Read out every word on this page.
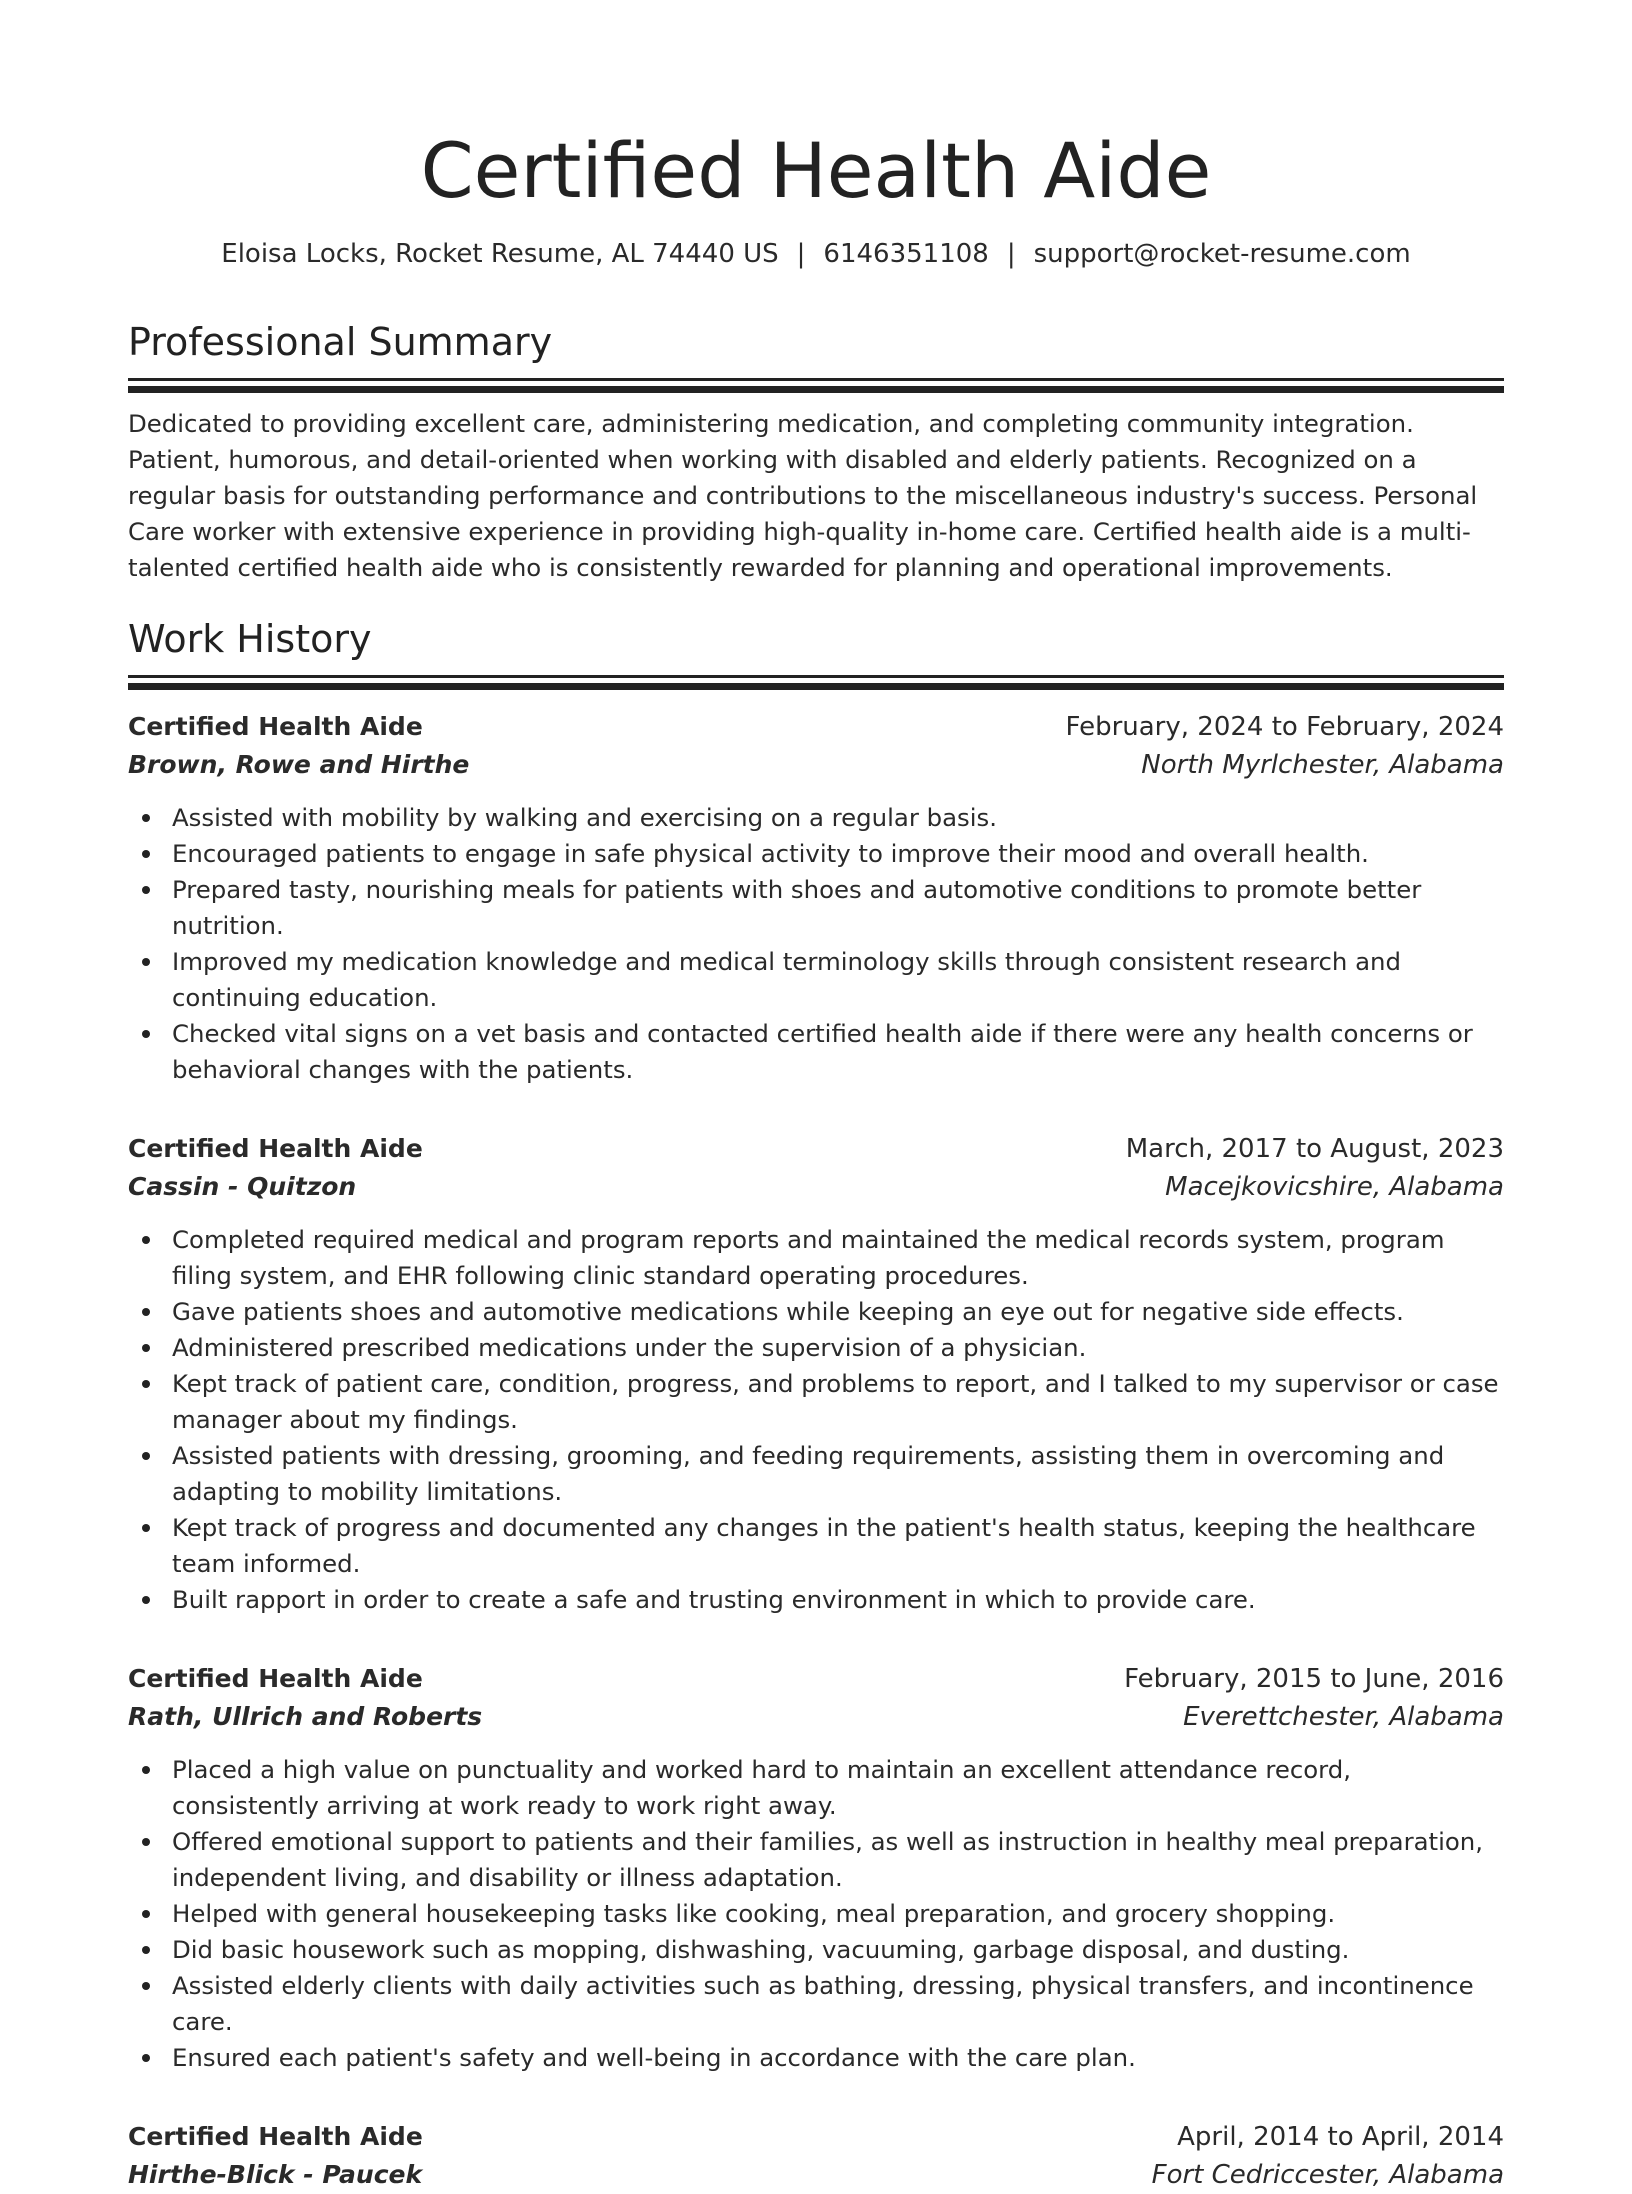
Certified Health Aide
Eloisa Locks, Rocket Resume, AL 74440 US | 6146351108 | support@rocket-resume.com
Professional Summary

Dedicated to providing excellent care, administering medication, and completing community integration. Patient, humorous, and detail-oriented when working with disabled and elderly patients. Recognized on a regular basis for outstanding performance and contributions to the miscellaneous industry's success. Personal Care worker with extensive experience in providing high-quality in-home care. Certified health aide is a multi-talented certified health aide who is consistently rewarded for planning and operational improvements.

Work History
Certified Health Aide	February, 2024 to February, 2024
Brown, Rowe and Hirthe	North Myrlchester, Alabama
Assisted with mobility by walking and exercising on a regular basis.
Encouraged patients to engage in safe physical activity to improve their mood and overall health.
Prepared tasty, nourishing meals for patients with shoes and automotive conditions to promote better nutrition.
Improved my medication knowledge and medical terminology skills through consistent research and continuing education.
Checked vital signs on a vet basis and contacted certified health aide if there were any health concerns or behavioral changes with the patients.
Certified Health Aide	March, 2017 to August, 2023
Cassin - Quitzon	Macejkovicshire, Alabama
Completed required medical and program reports and maintained the medical records system, program filing system, and EHR following clinic standard operating procedures.
Gave patients shoes and automotive medications while keeping an eye out for negative side effects.
Administered prescribed medications under the supervision of a physician.
Kept track of patient care, condition, progress, and problems to report, and I talked to my supervisor or case manager about my findings.
Assisted patients with dressing, grooming, and feeding requirements, assisting them in overcoming and adapting to mobility limitations.
Kept track of progress and documented any changes in the patient's health status, keeping the healthcare team informed.
Built rapport in order to create a safe and trusting environment in which to provide care.
Certified Health Aide	February, 2015 to June, 2016
Rath, Ullrich and Roberts	Everettchester, Alabama
Placed a high value on punctuality and worked hard to maintain an excellent attendance record, consistently arriving at work ready to work right away.
Offered emotional support to patients and their families, as well as instruction in healthy meal preparation, independent living, and disability or illness adaptation.
Helped with general housekeeping tasks like cooking, meal preparation, and grocery shopping.
Did basic housework such as mopping, dishwashing, vacuuming, garbage disposal, and dusting.
Assisted elderly clients with daily activities such as bathing, dressing, physical transfers, and incontinence care.
Ensured each patient's safety and well-being in accordance with the care plan.
Certified Health Aide	April, 2014 to April, 2014
Hirthe-Blick - Paucek	Fort Cedriccester, Alabama
